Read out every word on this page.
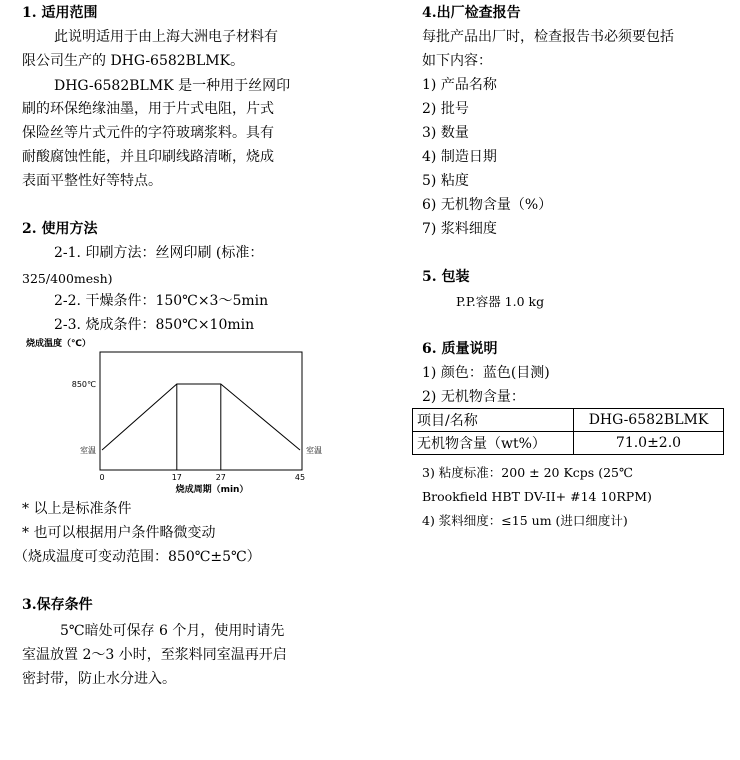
1. 适用范围
此说明适用于由上海大洲电子材料有
限公司生产的 DHG-6582BLMK。
DHG-6582BLMK 是一种用于丝网印
刷的环保绝缘油墨，用于片式电阻，片式
保险丝等片式元件的字符玻璃浆料。具有
耐酸腐蚀性能，并且印刷线路清晰，烧成
表面平整性好等特点。
2. 使用方法
2-1. 印刷方法：丝网印刷 (标准：
325/400mesh)
2-2. 干燥条件：150℃×3～5min
2-3. 烧成条件：850℃×10min
烧成温度（℃）
0	17	27	45
850℃
室温	室温
烧成周期（min）
* 以上是标准条件
* 也可以根据用户条件略微变动
（烧成温度可变动范围：850℃±5℃）
3.保存条件
5℃暗处可保存 6 个月，使用时请先
室温放置 2～3 小时，至浆料同室温再开启
密封带，防止水分进入。
4.出厂检查报告
每批产品出厂时，检查报告书必须要包括
如下内容：
1) 产品名称
2) 批号
3) 数量
4) 制造日期
5) 粘度
6) 无机物含量（%）
7) 浆料细度
5. 包装
P.P.容器 1.0 kg
6. 质量说明
1) 颜色：蓝色(目测)
2) 无机物含量：
项目/名称	DHG-6582BLMK
无机物含量（wt%）	71.0±2.0
3) 粘度标准：200 ± 20 Kcps (25℃
Brookfield HBT DV-II+ #14 10RPM)
4) 浆料细度：≤15 um (进口细度计)
